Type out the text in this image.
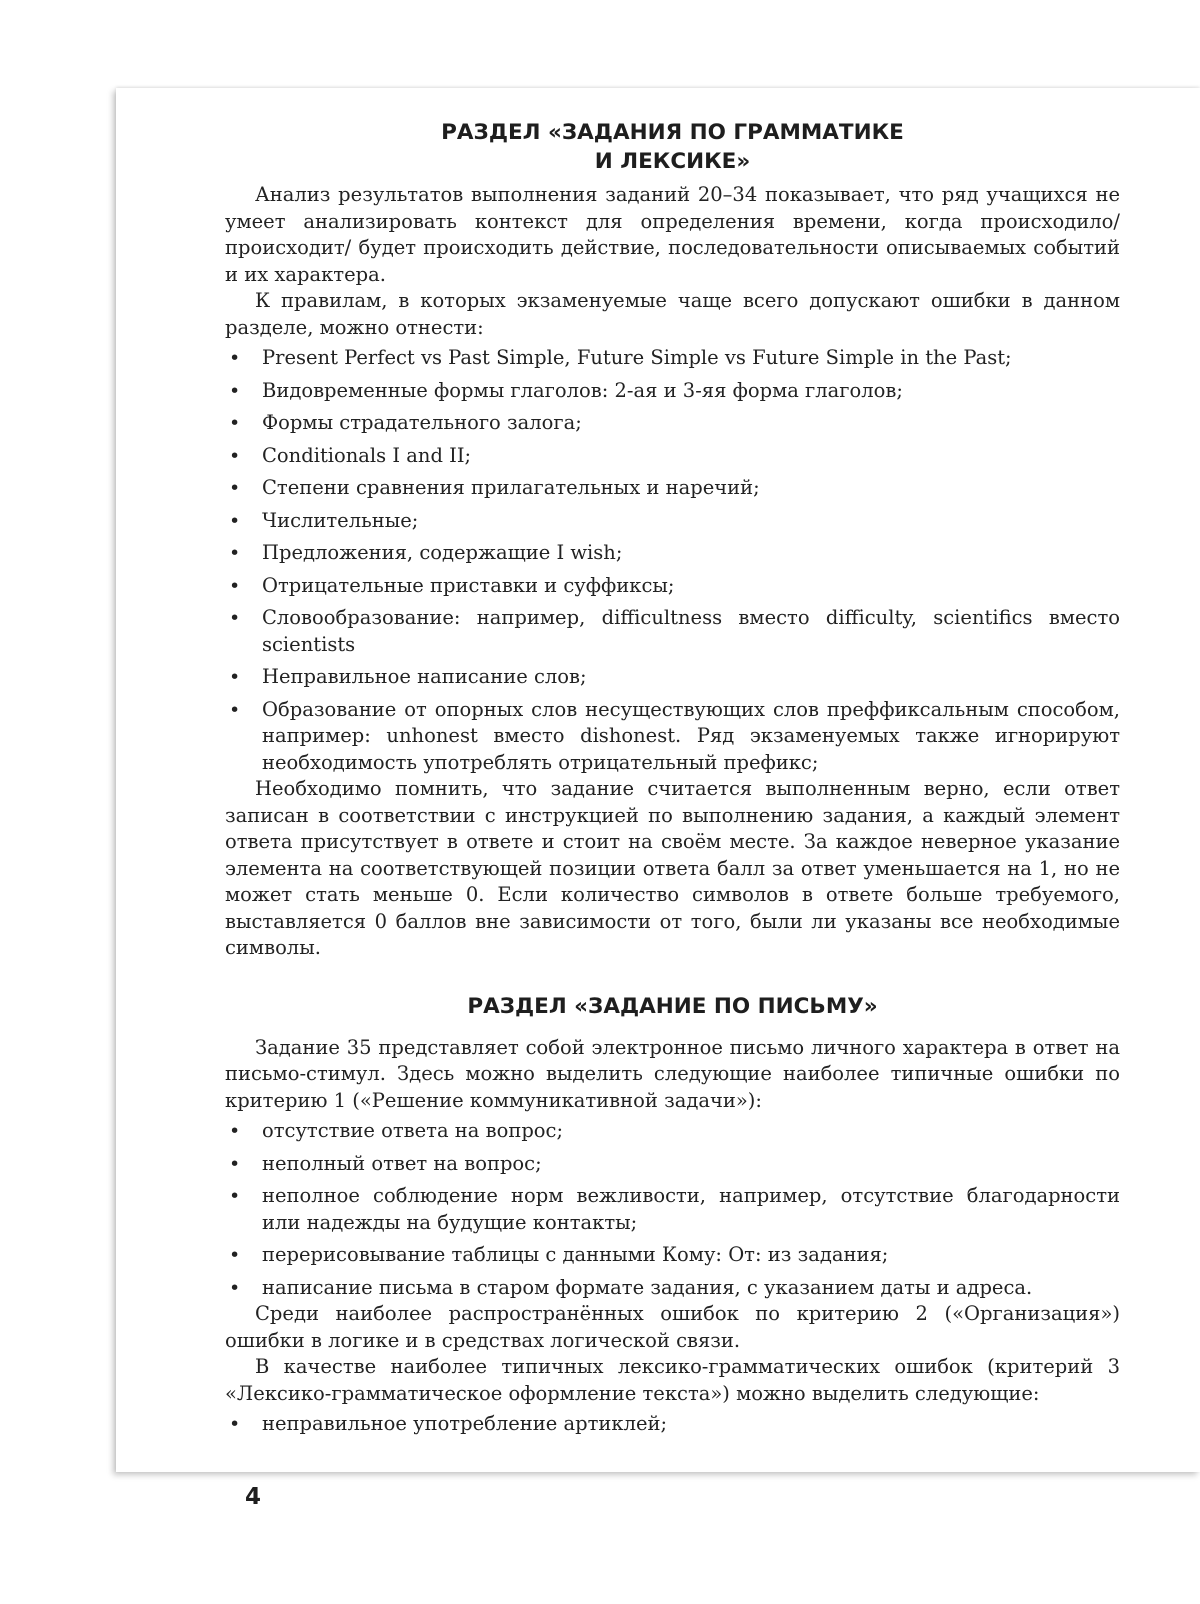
РАЗДЕЛ «ЗАДАНИЯ ПО ГРАММАТИКЕ
И ЛЕКСИКЕ»

Анализ результатов выполнения заданий 20–34 показывает, что ряд учащихся не умеет анализировать контекст для определения времени, когда происходило/ происходит/ будет происходить действие, последовательности описываемых событий и их характера.

К правилам, в которых экзаменуемые чаще всего допускают ошибки в данном разделе, можно отнести:

• Present Perfect vs Past Simple, Future Simple vs Future Simple in the Past;
• Видовременные формы глаголов: 2-ая и 3-яя форма глаголов;
• Формы страдательного залога;
• Conditionals I and II;
• Степени сравнения прилагательных и наречий;
• Числительные;
• Предложения, содержащие I wish;
• Отрицательные приставки и суффиксы;
• Словообразование: например, difficultness вместо difficulty, scientifics вместо scientists
• Неправильное написание слов;
• Образование от опорных слов несуществующих слов преффиксальным способом, например: unhonest вместо dishonest. Ряд экзаменуемых также игнорируют необходимость употреблять отрицательный префикс;

Необходимо помнить, что задание считается выполненным верно, если ответ записан в соответствии с инструкцией по выполнению задания, а каждый элемент ответа присутствует в ответе и стоит на своём месте. За каждое неверное указание элемента на соответствующей позиции ответа балл за ответ уменьшается на 1, но не может стать меньше 0. Если количество символов в ответе больше требуемого, выставляется 0 баллов вне зависимости от того, были ли указаны все необходимые символы.

РАЗДЕЛ «ЗАДАНИЕ ПО ПИСЬМУ»

Задание 35 представляет собой электронное письмо личного характера в ответ на письмо-стимул. Здесь можно выделить следующие наиболее типичные ошибки по критерию 1 («Решение коммуникативной задачи»):

• отсутствие ответа на вопрос;
• неполный ответ на вопрос;
• неполное соблюдение норм вежливости, например, отсутствие благодарности или надежды на будущие контакты;
• перерисовывание таблицы с данными Кому: От: из задания;
• написание письма в старом формате задания, с указанием даты и адреса.

Среди наиболее распространённых ошибок по критерию 2 («Организация») ошибки в логике и в средствах логической связи.

В качестве наиболее типичных лексико-грамматических ошибок (критерий 3 «Лексико-грамматическое оформление текста») можно выделить следующие:

• неправильное употребление артиклей;
4
